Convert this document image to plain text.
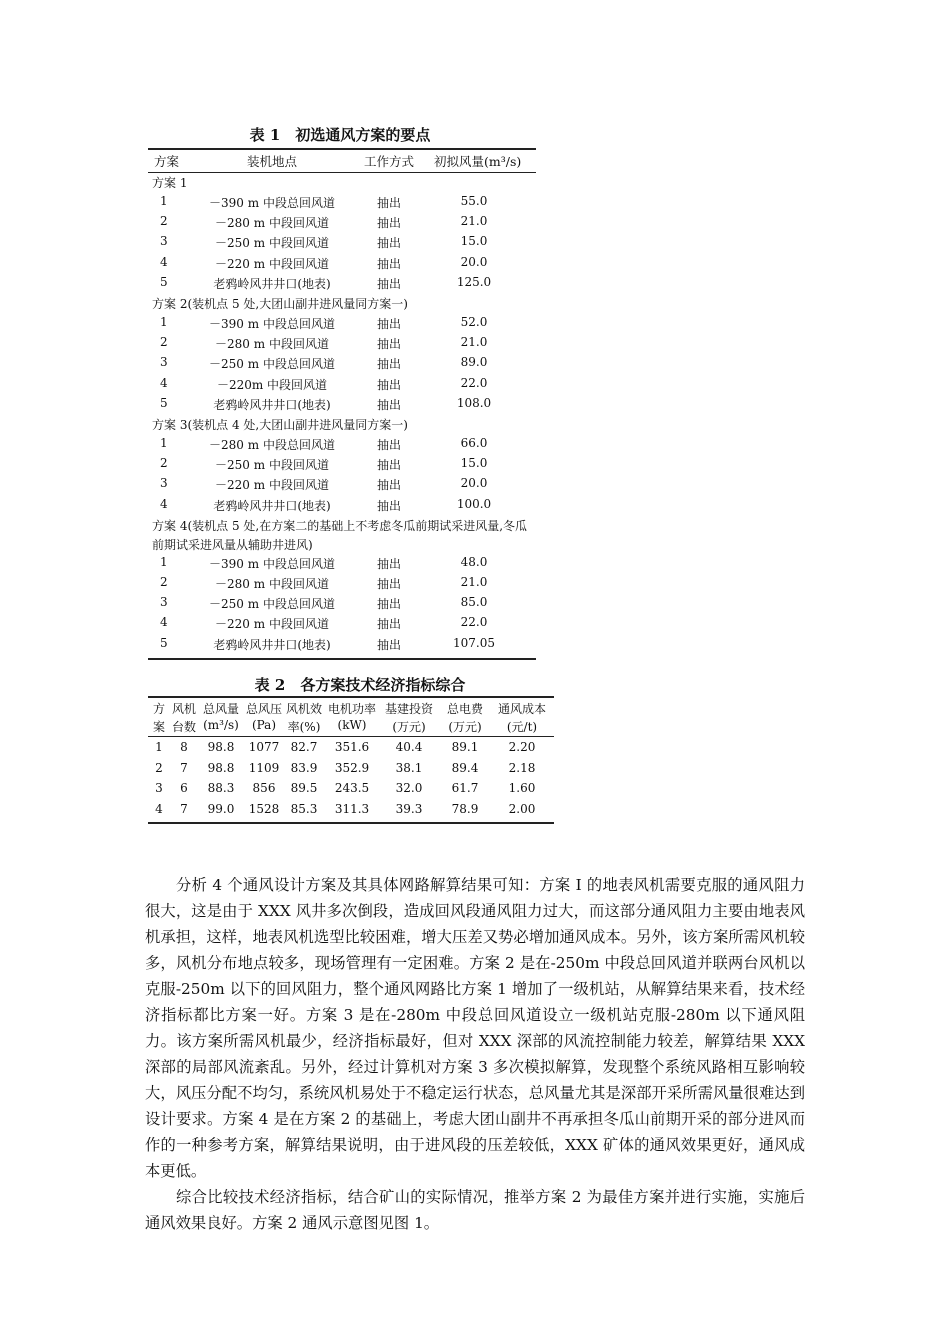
表 1　初选通风方案的要点
方案	装机地点	工作方式	初拟风量(m³/s)
方案 1
1	－390 m 中段总回风道	抽出	55.0
2	－280 m 中段回风道	抽出	21.0
3	－250 m 中段回风道	抽出	15.0
4	－220 m 中段回风道	抽出	20.0
5	老鸦岭风井井口(地表)	抽出	125.0
方案 2(装机点 5 处,大团山副井进风量同方案一)
1	－390 m 中段总回风道	抽出	52.0
2	－280 m 中段回风道	抽出	21.0
3	－250 m 中段总回风道	抽出	89.0
4	－220m 中段回风道	抽出	22.0
5	老鸦岭风井井口(地表)	抽出	108.0
方案 3(装机点 4 处,大团山副井进风量同方案一)
1	－280 m 中段总回风道	抽出	66.0
2	－250 m 中段回风道	抽出	15.0
3	－220 m 中段回风道	抽出	20.0
4	老鸦岭风井井口(地表)	抽出	100.0
方案 4(装机点 5 处,在方案二的基础上不考虑冬瓜前期试采进风量,冬瓜前期试采进风量从辅助井进风)
1	－390 m 中段总回风道	抽出	48.0
2	－280 m 中段回风道	抽出	21.0
3	－250 m 中段总回风道	抽出	85.0
4	－220 m 中段回风道	抽出	22.0
5	老鸦岭风井井口(地表)	抽出	107.05
表 2　各方案技术经济指标综合
方 风机 总风量 总风压 风机效 电机功率 基建投资	总电费	通风成本
案 台数 (m³/s)	(Pa) 率(%)	(kW)	(万元)	(万元)	(元/t)
1	8	98.8	1077 82.7	351.6	40.4	89.1	2.20
2	7	98.8	1109 83.9	352.9	38.1	89.4	2.18
3	6	88.3	856	89.5	243.5	32.0	61.7	1.60
4	7	99.0	1528 85.3	311.3	39.3	78.9	2.00

分析 4 个通风设计方案及其具体网路解算结果可知：方案 I 的地表风机需要克服的通风阻力很大，这是由于 XXX 风井多次倒段，造成回风段通风阻力过大，而这部分通风阻力主要由地表风机承担，这样，地表风机选型比较困难，增大压差又势必增加通风成本。另外，该方案所需风机较多，风机分布地点较多，现场管理有一定困难。方案 2 是在-250m 中段总回风道并联两台风机以克服-250m 以下的回风阻力，整个通风网路比方案 1 增加了一级机站，从解算结果来看，技术经济指标都比方案一好。方案 3 是在-280m 中段总回风道设立一级机站克服-280m 以下通风阻力。该方案所需风机最少，经济指标最好，但对 XXX 深部的风流控制能力较差，解算结果 XXX 深部的局部风流紊乱。另外，经过计算机对方案 3 多次模拟解算，发现整个系统风路相互影响较大，风压分配不均匀，系统风机易处于不稳定运行状态，总风量尤其是深部开采所需风量很难达到设计要求。方案 4 是在方案 2 的基础上，考虑大团山副井不再承担冬瓜山前期开采的部分进风而作的一种参考方案，解算结果说明，由于进风段的压差较低，XXX 矿体的通风效果更好，通风成本更低。

综合比较技术经济指标，结合矿山的实际情况，推举方案 2 为最佳方案并进行实施，实施后通风效果良好。方案 2 通风示意图见图 1。
